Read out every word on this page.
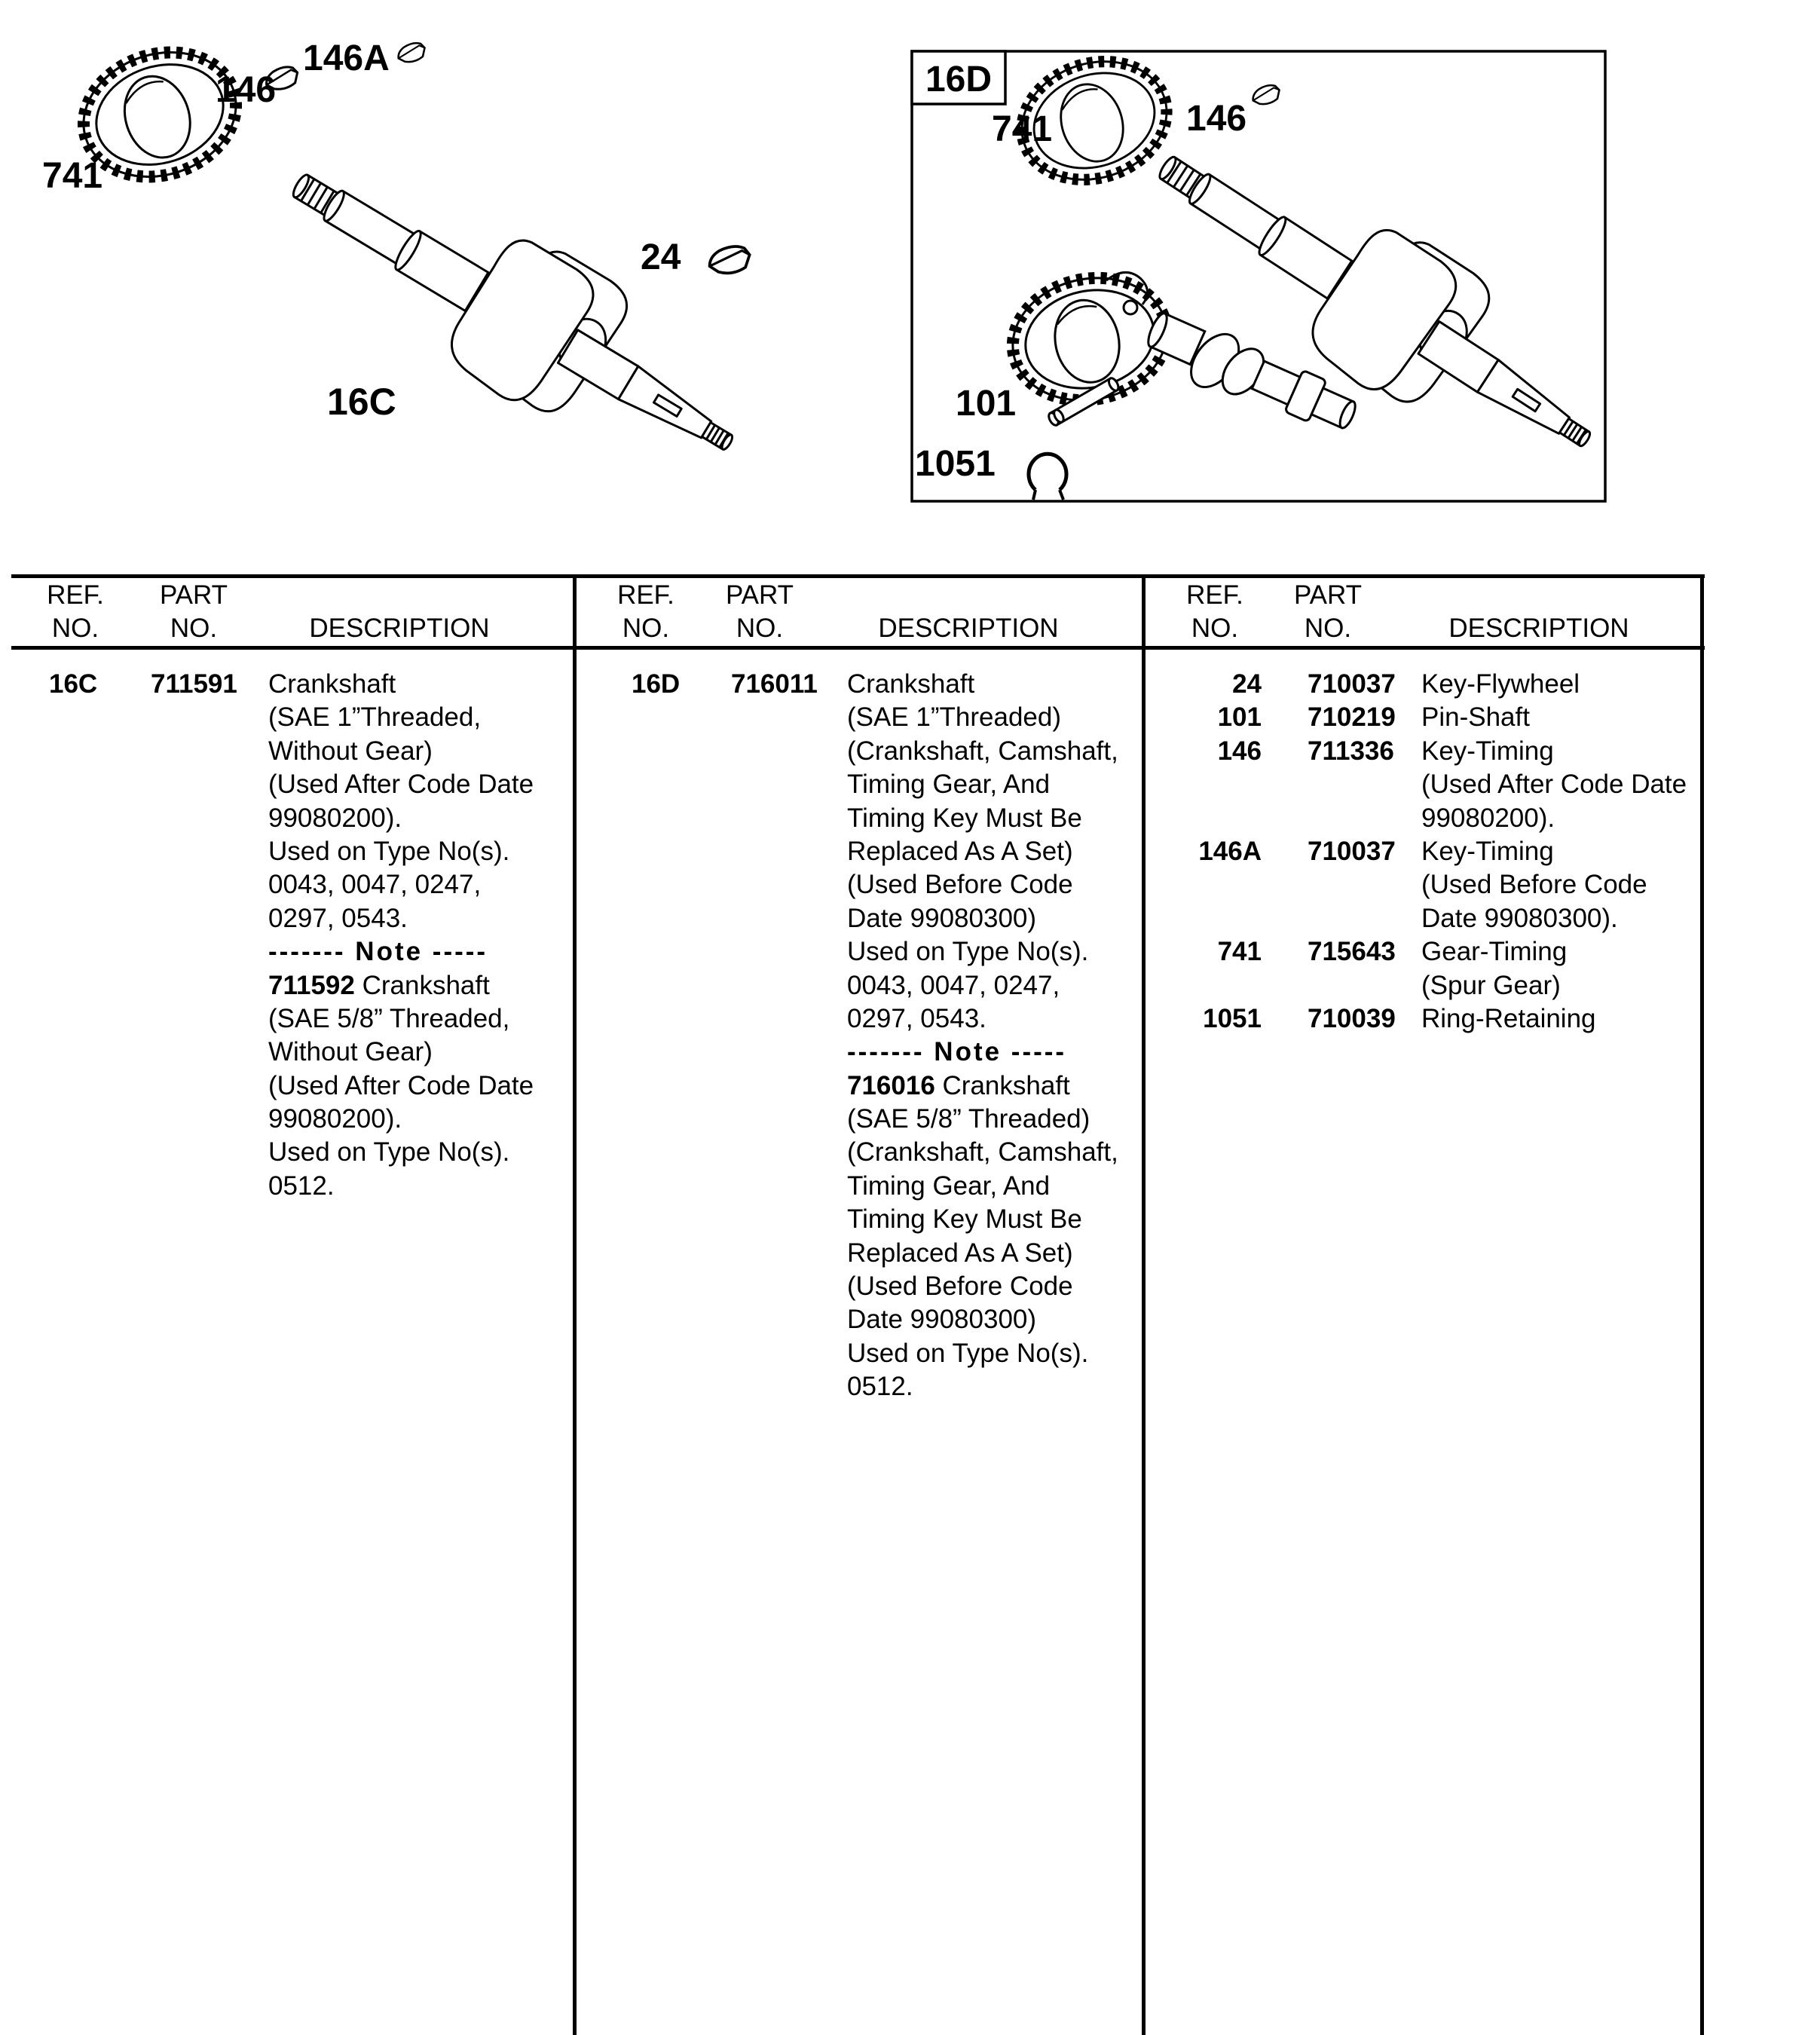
741
146
146A
16C
24
16D
741	146
101
1051
REF.
NO.
PART
NO.	DESCRIPTION
REF.
NO.
PART
NO.	DESCRIPTION
REF.
NO.
PART
NO.	DESCRIPTION
16C 711591 Crankshaft
(SAE 1”Threaded,
Without Gear)
(Used After Code Date
99080200).
Used on Type No(s).
0043, 0047, 0247,
0297, 0543.
------- Note -----
711592 Crankshaft
(SAE 5/8” Threaded,
Without Gear)
(Used After Code Date
99080200).
Used on Type No(s).
0512.
16D 716011 Crankshaft
(SAE 1”Threaded)
(Crankshaft, Camshaft,
Timing Gear, And
Timing Key Must Be
Replaced As A Set)
(Used Before Code
Date 99080300)
Used on Type No(s).
0043, 0047, 0247,
0297, 0543.
------- Note -----
716016 Crankshaft
(SAE 5/8” Threaded)
(Crankshaft, Camshaft,
Timing Gear, And
Timing Key Must Be
Replaced As A Set)
(Used Before Code
Date 99080300)
Used on Type No(s).
0512.
24 710037 Key-Flywheel
101 710219 Pin-Shaft
146 711336 Key-Timing
(Used After Code Date
99080200).
146A 710037 Key-Timing
(Used Before Code
Date 99080300).
741 715643 Gear-Timing
(Spur Gear)
1051 710039 Ring-Retaining
